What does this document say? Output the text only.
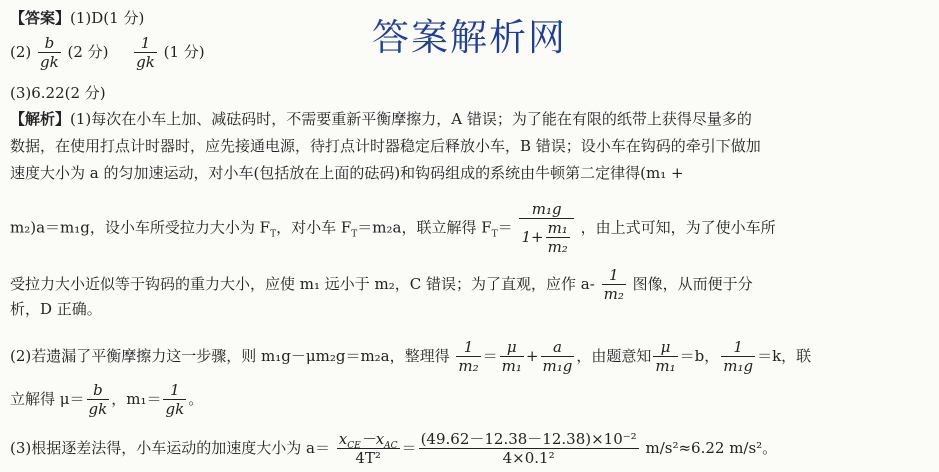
答案解析网
【答案】(1)D(1 分)
$(2) \frac{b}{gk} (2$ 分) $\frac{1}{gk} (1$ 分)
(3)6.22(2 分)
【解析】(1)每次在小车上加、减砝码时，不需要重新平衡摩擦力，A 错误；为了能在有限的纸带上获得尽量多的
数据，在使用打点计时器时，应先接通电源，待打点计时器稳定后释放小车，B 错误；设小车在钩码的牵引下做加
速度大小为 a 的匀加速运动，对小车(包括放在上面的砝码)和钩码组成的系统由牛顿第二定律得(m₁ +
m₂)a＝m₁g，设小车所受拉力大小为 $F_T$，对小车 $F_T=m_2a$，联立解得 $F_T= \frac{\text{m₁g}}{1+ \frac{\text{m₁}}{\text{m₂}}}$ ，由上式可知，为了使小车所
受拉力大小近似等于钩码的重力大小，应使 m₁ 远小于 m₂，C 错误；为了直观，应作 $a- \frac{1}{\text{m₂}}$ 图像，从而便于分
析，D 正确。
(2)若遗漏了平衡摩擦力这一步骤，则 m₁g－μm₂g＝m₂a，整理得 $\frac{1}{\text{m₂}} = \frac{\mu}{\text{m₁}} + \frac{a}{\text{m₁g}}$ ，由题意知 $\frac{\mu}{\text{m₁}} =b$， $\frac{1}{\text{m₁g}} =k$，联
立解得 $\mu= \frac{b}{gk}$ ，$m_1= \frac{1}{gk}$ 。
(3)根据逐差法得，小车运动的加速度大小为 $a= \frac{x_{CE}-x_{AC}}{\text{4T²}} = \frac{\text{(49.62－12.38－12.38)×10⁻²}}{\text{4×0.1²}} m/s^2\approx 6.22$ m/s²。
